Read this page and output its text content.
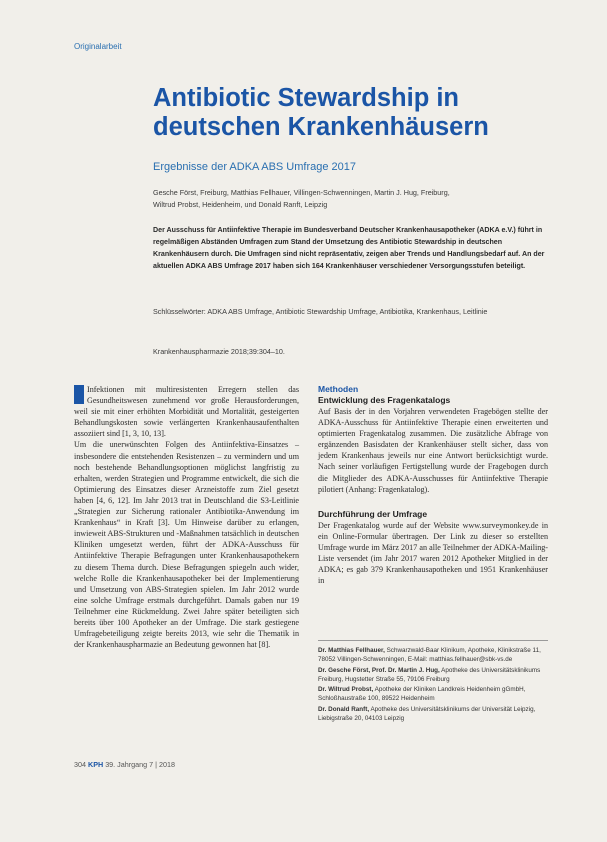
Originalarbeit
Antibiotic Stewardship in deutschen Krankenhäusern
Ergebnisse der ADKA ABS Umfrage 2017
Gesche Först, Freiburg, Matthias Fellhauer, Villingen-Schwenningen, Martin J. Hug, Freiburg,
Wiltrud Probst, Heidenheim, und Donald Ranft, Leipzig
Der Ausschuss für Antiinfektive Therapie im Bundesverband Deutscher Krankenhausapotheker (ADKA e.V.) führt in regelmäßigen Abständen Umfragen zum Stand der Umsetzung des Antibiotic Stewardship in deutschen Krankenhäusern durch. Die Umfragen sind nicht repräsentativ, zeigen aber Trends und Handlungsbedarf auf. An der aktuellen ADKA ABS Umfrage 2017 haben sich 164 Krankenhäuser verschiedener Versorgungsstufen beteiligt.
Schlüsselwörter: ADKA ABS Umfrage, Antibiotic Stewardship Umfrage, Antibiotika, Krankenhaus, Leitlinie
Krankenhauspharmazie 2018;39:304–10.

Infektionen mit multiresistenten Erregern stellen das Gesundheitswesen zunehmend vor große Herausforderungen, weil sie mit einer erhöhten Morbidität und Mortalität, gesteigerten Behandlungskosten sowie verlängerten Krankenhausaufenthalten assoziiert sind [1, 3, 10, 13].

Um die unerwünschten Folgen des Antiinfektiva-Einsatzes – insbesondere die entstehenden Resistenzen – zu vermindern und um noch bestehende Behandlungsoptionen möglichst langfristig zu erhalten, werden Strategien und Programme entwickelt, die sich die Optimierung des Einsatzes dieser Arzneistoffe zum Ziel gesetzt haben [4, 6, 12]. Im Jahr 2013 trat in Deutschland die S3-Leitlinie „Strategien zur Sicherung rationaler Antibiotika-Anwendung im Krankenhaus“ in Kraft [3]. Um Hinweise darüber zu erlangen, inwieweit ABS-Strukturen und -Maßnahmen tatsächlich in deutschen Kliniken umgesetzt werden, führt der ADKA-Ausschuss für Antiinfektive Therapie Befragungen unter Krankenhausapothekern zu diesem Thema durch. Diese Befragungen spiegeln auch wider, welche Rolle die Krankenhausapotheker bei der Implementierung und Umsetzung von ABS-Strategien spielen. Im Jahr 2012 wurde eine solche Umfrage erstmals durchgeführt. Damals gaben nur 19 Teilnehmer eine Rückmeldung. Zwei Jahre später beteiligten sich bereits über 100 Apotheker an der Umfrage. Die stark gestiegene Umfragebeteiligung zeigte bereits 2013, wie sehr die Thematik in der Krankenhauspharmazie an Bedeutung gewonnen hat [8].

Methoden
Entwicklung des Fragenkatalogs

Auf Basis der in den Vorjahren verwendeten Fragebögen stellte der ADKA-Ausschuss für Antiinfektive Therapie einen erweiterten und optimierten Fragenkatalog zusammen. Die zusätzliche Abfrage von ergänzenden Basisdaten der Krankenhäuser stellt sicher, dass von jedem Krankenhaus jeweils nur eine Antwort berücksichtigt wurde. Nach seiner vorläufigen Fertigstellung wurde der Fragebogen durch die Mitglieder des ADKA-Ausschusses für Antiinfektive Therapie pilotiert (Anhang: Fragenkatalog).

Durchführung der Umfrage

Der Fragenkatalog wurde auf der Website www.surveymonkey.de in ein Online-Formular übertragen. Der Link zu dieser so erstellten Umfrage wurde im März 2017 an alle Teilnehmer der ADKA-Mailing-Liste versendet (im Jahr 2017 waren 2012 Apotheker Mitglied in der ADKA; es gab 379 Krankenhausapotheken und 1951 Krankenhäuser in

Dr. Matthias Fellhauer, Schwarzwald-Baar Klinikum, Apotheke, Klinikstraße 11, 78052 Villingen-Schwenningen, E-Mail: matthias.fellhauer@sbk-vs.de

Dr. Gesche Först, Prof. Dr. Martin J. Hug, Apotheke des Universitätsklinikums Freiburg, Hugstetter Straße 55, 79106 Freiburg

Dr. Wiltrud Probst, Apotheke der Kliniken Landkreis Heidenheim gGmbH, Schloßhaustraße 100, 89522 Heidenheim

Dr. Donald Ranft, Apotheke des Universitätsklinikums der Universität Leipzig, Liebigstraße 20, 04103 Leipzig

304 KPH 39. Jahrgang 7 | 2018
